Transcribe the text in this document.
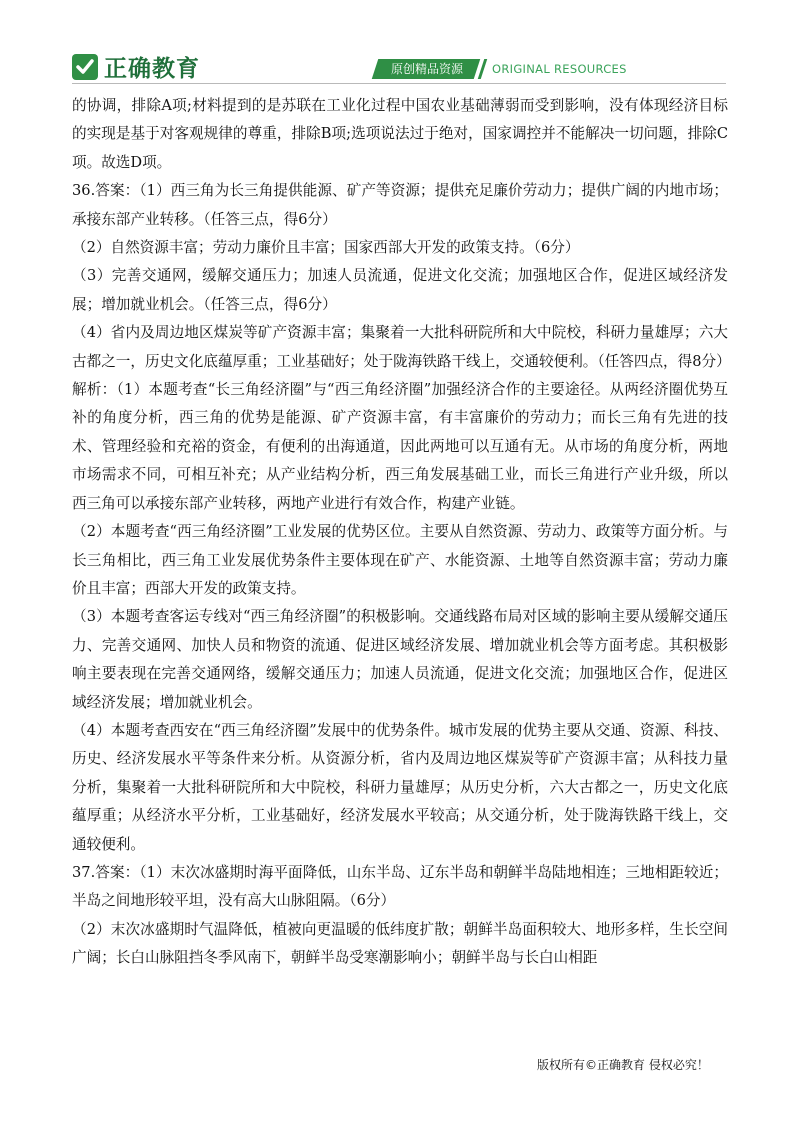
正确教育	原创精品资源	ORIGINAL RESOURCES

的协调，排除A项;材料提到的是苏联在工业化过程中国农业基础薄弱而受到影响，没有体现经济目标的实现是基于对客观规律的尊重，排除B项;选项说法过于绝对，国家调控并不能解决一切问题，排除C项。故选D项。

36.答案：（1）西三角为长三角提供能源、矿产等资源；提供充足廉价劳动力；提供广阔的内地市场；承接东部产业转移。（任答三点，得6分）

（2）自然资源丰富；劳动力廉价且丰富；国家西部大开发的政策支持。（6分）

（3）完善交通网，缓解交通压力；加速人员流通，促进文化交流；加强地区合作，促进区域经济发展；增加就业机会。（任答三点，得6分）

（4）省内及周边地区煤炭等矿产资源丰富；集聚着一大批科研院所和大中院校，科研力量雄厚；六大古都之一，历史文化底蕴厚重；工业基础好；处于陇海铁路干线上，交通较便利。（任答四点，得8分）

解析：（1）本题考查“长三角经济圈”与“西三角经济圈”加强经济合作的主要途径。从两经济圈优势互补的角度分析，西三角的优势是能源、矿产资源丰富，有丰富廉价的劳动力；而长三角有先进的技术、管理经验和充裕的资金，有便利的出海通道，因此两地可以互通有无。从市场的角度分析，两地市场需求不同，可相互补充；从产业结构分析，西三角发展基础工业，而长三角进行产业升级，所以西三角可以承接东部产业转移，两地产业进行有效合作，构建产业链。

（2）本题考查“西三角经济圈”工业发展的优势区位。主要从自然资源、劳动力、政策等方面分析。与长三角相比，西三角工业发展优势条件主要体现在矿产、水能资源、土地等自然资源丰富；劳动力廉价且丰富；西部大开发的政策支持。

（3）本题考查客运专线对“西三角经济圈”的积极影响。交通线路布局对区域的影响主要从缓解交通压力、完善交通网、加快人员和物资的流通、促进区域经济发展、增加就业机会等方面考虑。其积极影响主要表现在完善交通网络，缓解交通压力；加速人员流通，促进文化交流；加强地区合作，促进区域经济发展；增加就业机会。

（4）本题考查西安在“西三角经济圈”发展中的优势条件。城市发展的优势主要从交通、资源、科技、历史、经济发展水平等条件来分析。从资源分析，省内及周边地区煤炭等矿产资源丰富；从科技力量分析，集聚着一大批科研院所和大中院校，科研力量雄厚；从历史分析，六大古都之一，历史文化底蕴厚重；从经济水平分析，工业基础好，经济发展水平较高；从交通分析，处于陇海铁路干线上，交通较便利。

37.答案：（1）末次冰盛期时海平面降低，山东半岛、辽东半岛和朝鲜半岛陆地相连；三地相距较近；半岛之间地形较平坦，没有高大山脉阻隔。（6分）

（2）末次冰盛期时气温降低，植被向更温暖的低纬度扩散；朝鲜半岛面积较大、地形多样，生长空间广阔；长白山脉阻挡冬季风南下，朝鲜半岛受寒潮影响小；朝鲜半岛与长白山相距

版权所有©正确教育 侵权必究！
